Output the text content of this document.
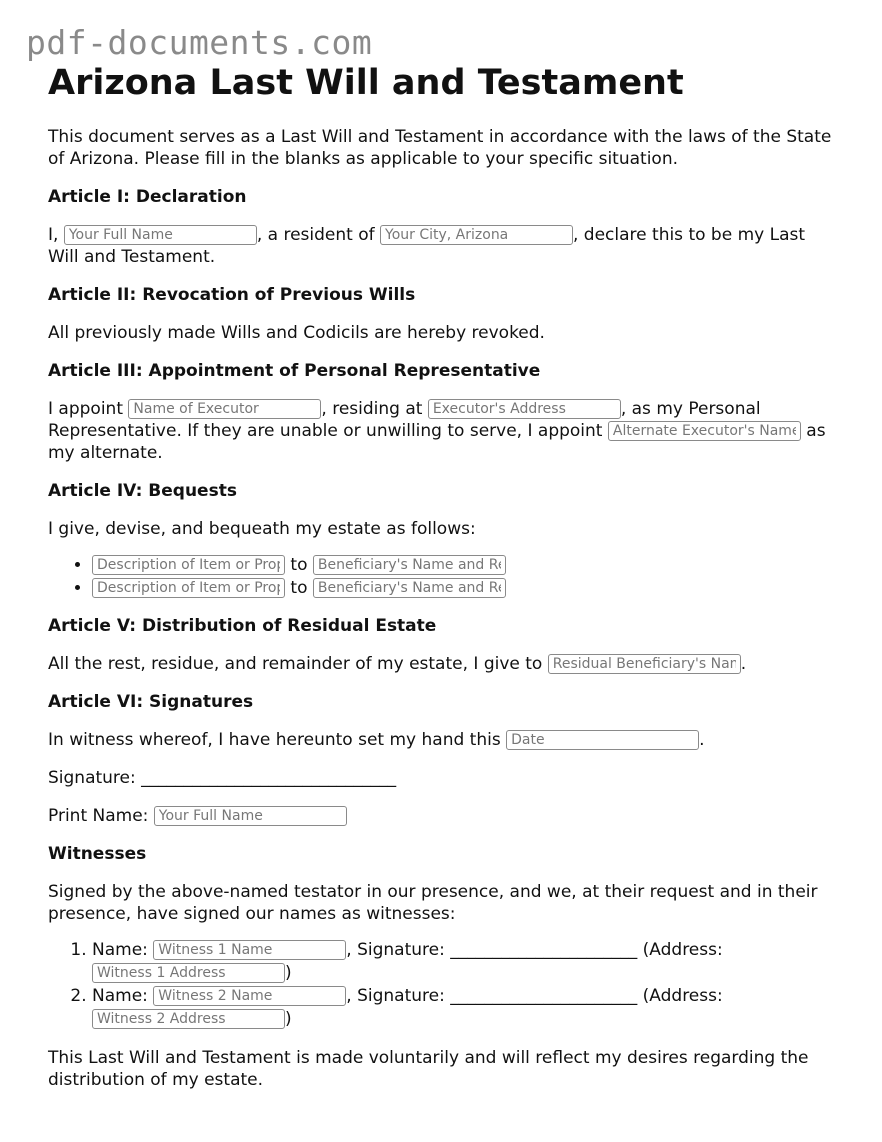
pdf-documents.com
Arizona Last Will and Testament

This document serves as a Last Will and Testament in accordance with the laws of the State of Arizona. Please fill in the blanks as applicable to your specific situation.

Article I: Declaration

I, Your Full Name	, a resident of Your City, Arizona	, declare this to be my Last Will and Testament.

Article II: Revocation of Previous Wills

All previously made Wills and Codicils are hereby revoked.

Article III: Appointment of Personal Representative

I appoint Name of Executor	, residing at Executor's Address	, as my Personal Representative. If they are unable or unwilling to serve, I appoint Alternate Executor's Name	as my alternate.

Article IV: Bequests

I give, devise, and bequeath my estate as follows:

Description of Item or Property • to Beneficiary's Name and Relationship
Description of Item or Property • to Beneficiary's Name and Relationship
Article V: Distribution of Residual Estate

All the rest, residue, and remainder of my estate, I give to Residual Beneficiary's Name	.

Article VI: Signatures

In witness whereof, I have hereunto set my hand this Date	.

Signature: ______________________________

Print Name: Your Full Name

Witnesses

Signed by the above-named testator in our presence, and we, at their request and in their presence, have signed our names as witnesses:

1. Name: Witness 1 Name	, Signature: ______________________ (Address: Witness 1 Address)
2. Name: Witness 2 Name	, Signature: ______________________ (Address: Witness 2 Address)

This Last Will and Testament is made voluntarily and will reflect my desires regarding the distribution of my estate.
